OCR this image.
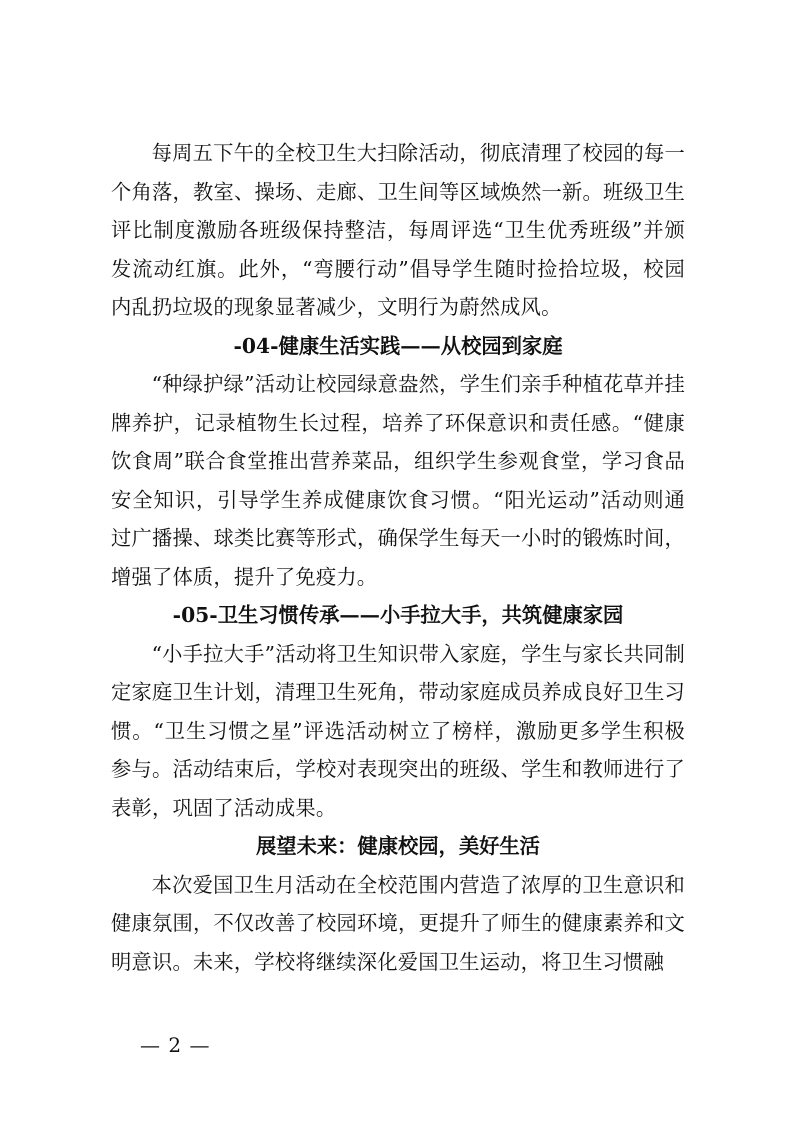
每周五下午的全校卫生大扫除活动，彻底清理了校园的每一个角落，教室、操场、走廊、卫生间等区域焕然一新。班级卫生评比制度激励各班级保持整洁，每周评选“卫生优秀班级”并颁发流动红旗。此外，“弯腰行动”倡导学生随时捡拾垃圾，校园内乱扔垃圾的现象显著减少，文明行为蔚然成风。

-04-健康生活实践——从校园到家庭

“种绿护绿”活动让校园绿意盎然，学生们亲手种植花草并挂牌养护，记录植物生长过程，培养了环保意识和责任感。“健康饮食周”联合食堂推出营养菜品，组织学生参观食堂，学习食品安全知识，引导学生养成健康饮食习惯。“阳光运动”活动则通过广播操、球类比赛等形式，确保学生每天一小时的锻炼时间，增强了体质，提升了免疫力。

-05-卫生习惯传承——小手拉大手，共筑健康家园

“小手拉大手”活动将卫生知识带入家庭，学生与家长共同制定家庭卫生计划，清理卫生死角，带动家庭成员养成良好卫生习惯。“卫生习惯之星”评选活动树立了榜样，激励更多学生积极参与。活动结束后，学校对表现突出的班级、学生和教师进行了表彰，巩固了活动成果。

展望未来：健康校园，美好生活

本次爱国卫生月活动在全校范围内营造了浓厚的卫生意识和健康氛围，不仅改善了校园环境，更提升了师生的健康素养和文明意识。未来，学校将继续深化爱国卫生运动，将卫生习惯融

— 2 —
